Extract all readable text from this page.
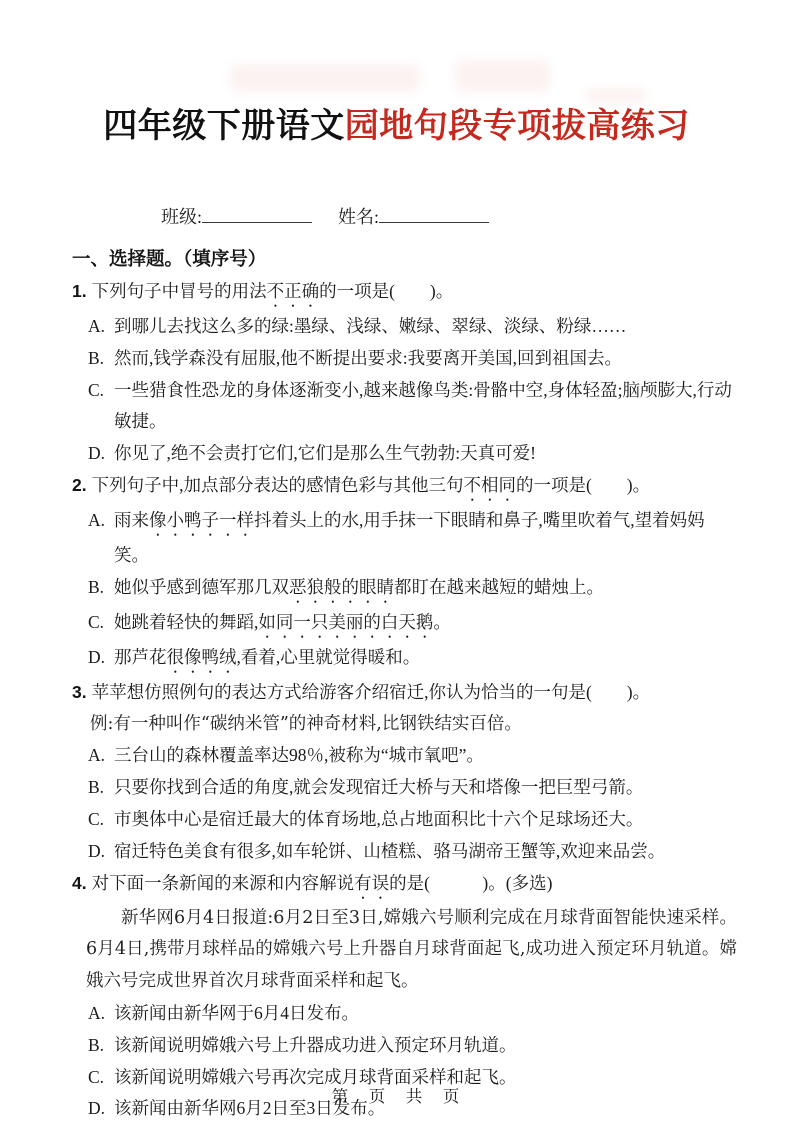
四年级下册语文园地句段专项拔高练习
班级:	姓名:
一、选择题。（填序号）
1. 下列句子中冒号的用法不正确的一项是(　　)。
A. 到哪儿去找这么多的绿:墨绿、浅绿、嫩绿、翠绿、淡绿、粉绿……
B. 然而,钱学森没有屈服,他不断提出要求:我要离开美国,回到祖国去。
C. 一些猎食性恐龙的身体逐渐变小,越来越像鸟类:骨骼中空,身体轻盈;脑颅膨大,行动敏捷。
D. 你见了,绝不会责打它们,它们是那么生气勃勃:天真可爱!
2. 下列句子中,加点部分表达的感情色彩与其他三句不相同的一项是(　　)。
A. 雨来像小鸭子一样抖着头上的水,用手抹一下眼睛和鼻子,嘴里吹着气,望着妈妈笑。
B. 她似乎感到德军那几双恶狼般的眼睛都盯在越来越短的蜡烛上。
C. 她跳着轻快的舞蹈,如同一只美丽的白天鹅。
D. 那芦花很像鸭绒,看着,心里就觉得暖和。
3. 苹苹想仿照例句的表达方式给游客介绍宿迁,你认为恰当的一句是(　　)。
例:有一种叫作“碳纳米管”的神奇材料,比钢铁结实百倍。
A. 三台山的森林覆盖率达98％,被称为“城市氧吧”。
B. 只要你找到合适的角度,就会发现宿迁大桥与天和塔像一把巨型弓箭。
C. 市奥体中心是宿迁最大的体育场地,总占地面积比十六个足球场还大。
D. 宿迁特色美食有很多,如车轮饼、山楂糕、骆马湖帝王蟹等,欢迎来品尝。
4. 对下面一条新闻的来源和内容解说有误的是(　　　)。(多选)
新华网6月4日报道:6月2日至3日,嫦娥六号顺利完成在月球背面智能快速采样。6月4日,携带月球样品的嫦娥六号上升器自月球背面起飞,成功进入预定环月轨道。嫦娥六号完成世界首次月球背面采样和起飞。
A. 该新闻由新华网于6月4日发布。
B. 该新闻说明嫦娥六号上升器成功进入预定环月轨道。
C. 该新闻说明嫦娥六号再次完成月球背面采样和起飞。
D. 该新闻由新华网6月2日至3日发布。
第 页 共 页
